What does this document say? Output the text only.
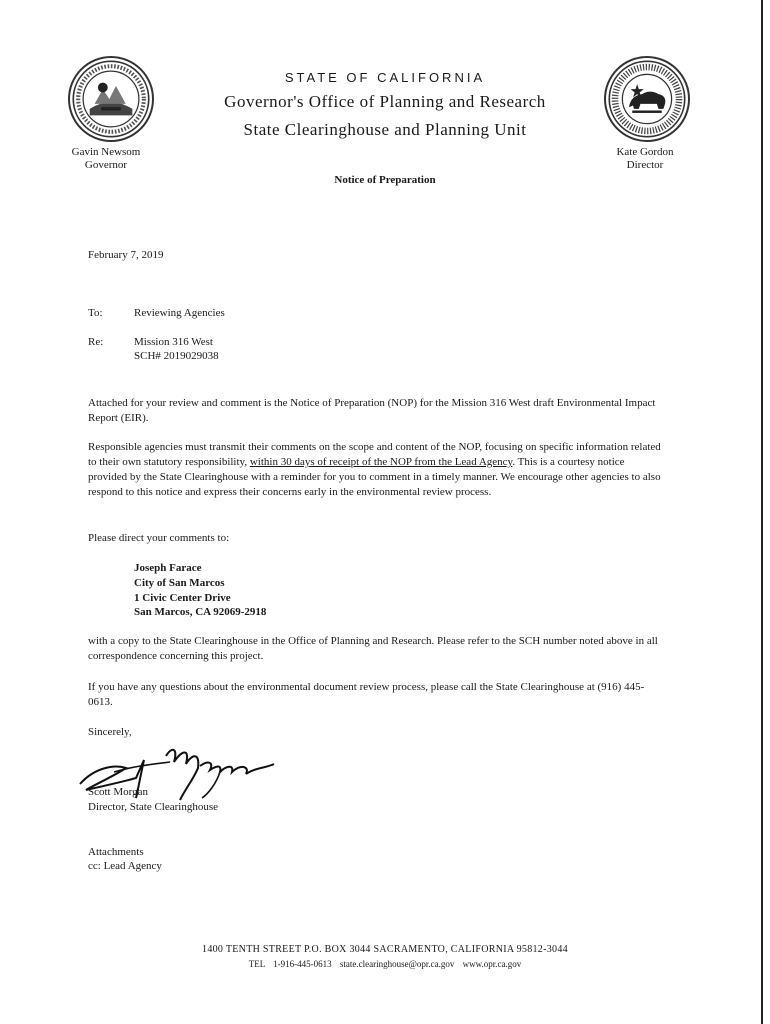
STATE OF CALIFORNIA
Governor's Office of Planning and Research
State Clearinghouse and Planning Unit
Gavin Newsom
Governor
Kate Gordon
Director
Notice of Preparation
February 7, 2019
To:	Reviewing Agencies
Re:	Mission 316 West
SCH# 2019029038
Attached for your review and comment is the Notice of Preparation (NOP) for the Mission 316 West draft Environmental Impact Report (EIR).
Responsible agencies must transmit their comments on the scope and content of the NOP, focusing on specific information related to their own statutory responsibility, within 30 days of receipt of the NOP from the Lead Agency. This is a courtesy notice provided by the State Clearinghouse with a reminder for you to comment in a timely manner. We encourage other agencies to also respond to this notice and express their concerns early in the environmental review process.
Please direct your comments to:
Joseph Farace
City of San Marcos
1 Civic Center Drive
San Marcos, CA 92069-2918
with a copy to the State Clearinghouse in the Office of Planning and Research. Please refer to the SCH number noted above in all correspondence concerning this project.
If you have any questions about the environmental document review process, please call the State Clearinghouse at (916) 445-0613.
Sincerely,
Scott Morgan
Director, State Clearinghouse
Attachments
cc: Lead Agency
1400 TENTH STREET P.O. BOX 3044 SACRAMENTO, CALIFORNIA 95812-3044
TEL 1-916-445-0613 state.clearinghouse@opr.ca.gov www.opr.ca.gov
